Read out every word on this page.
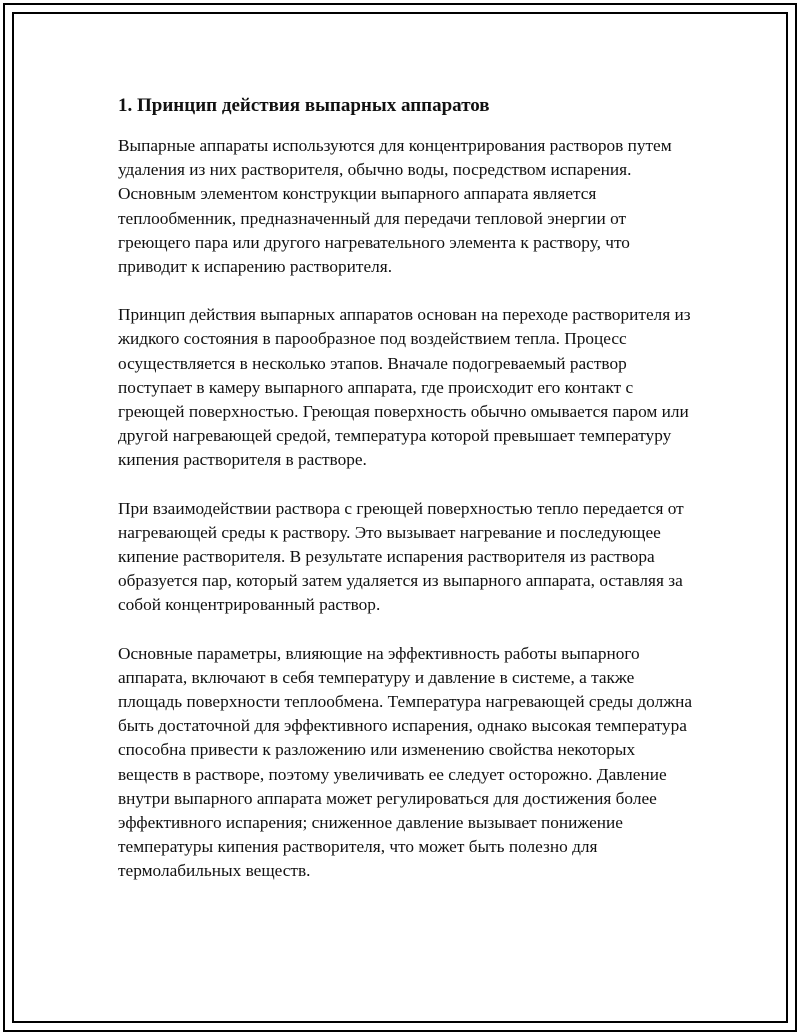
1. Принцип действия выпарных аппаратов

Выпарные аппараты используются для концентрирования растворов путем удаления из них растворителя, обычно воды, посредством испарения. Основным элементом конструкции выпарного аппарата является теплообменник, предназначенный для передачи тепловой энергии от греющего пара или другого нагревательного элемента к раствору, что приводит к испарению растворителя.

Принцип действия выпарных аппаратов основан на переходе растворителя из жидкого состояния в парообразное под воздействием тепла. Процесс осуществляется в несколько этапов. Вначале подогреваемый раствор поступает в камеру выпарного аппарата, где происходит его контакт с греющей поверхностью. Греющая поверхность обычно омывается паром или другой нагревающей средой, температура которой превышает температуру кипения растворителя в растворе.

При взаимодействии раствора с греющей поверхностью тепло передается от нагревающей среды к раствору. Это вызывает нагревание и последующее кипение растворителя. В результате испарения растворителя из раствора образуется пар, который затем удаляется из выпарного аппарата, оставляя за собой концентрированный раствор.

Основные параметры, влияющие на эффективность работы выпарного аппарата, включают в себя температуру и давление в системе, а также площадь поверхности теплообмена. Температура нагревающей среды должна быть достаточной для эффективного испарения, однако высокая температура способна привести к разложению или изменению свойства некоторых веществ в растворе, поэтому увеличивать ее следует осторожно. Давление внутри выпарного аппарата может регулироваться для достижения более эффективного испарения; сниженное давление вызывает понижение температуры кипения растворителя, что может быть полезно для термолабильных веществ.
